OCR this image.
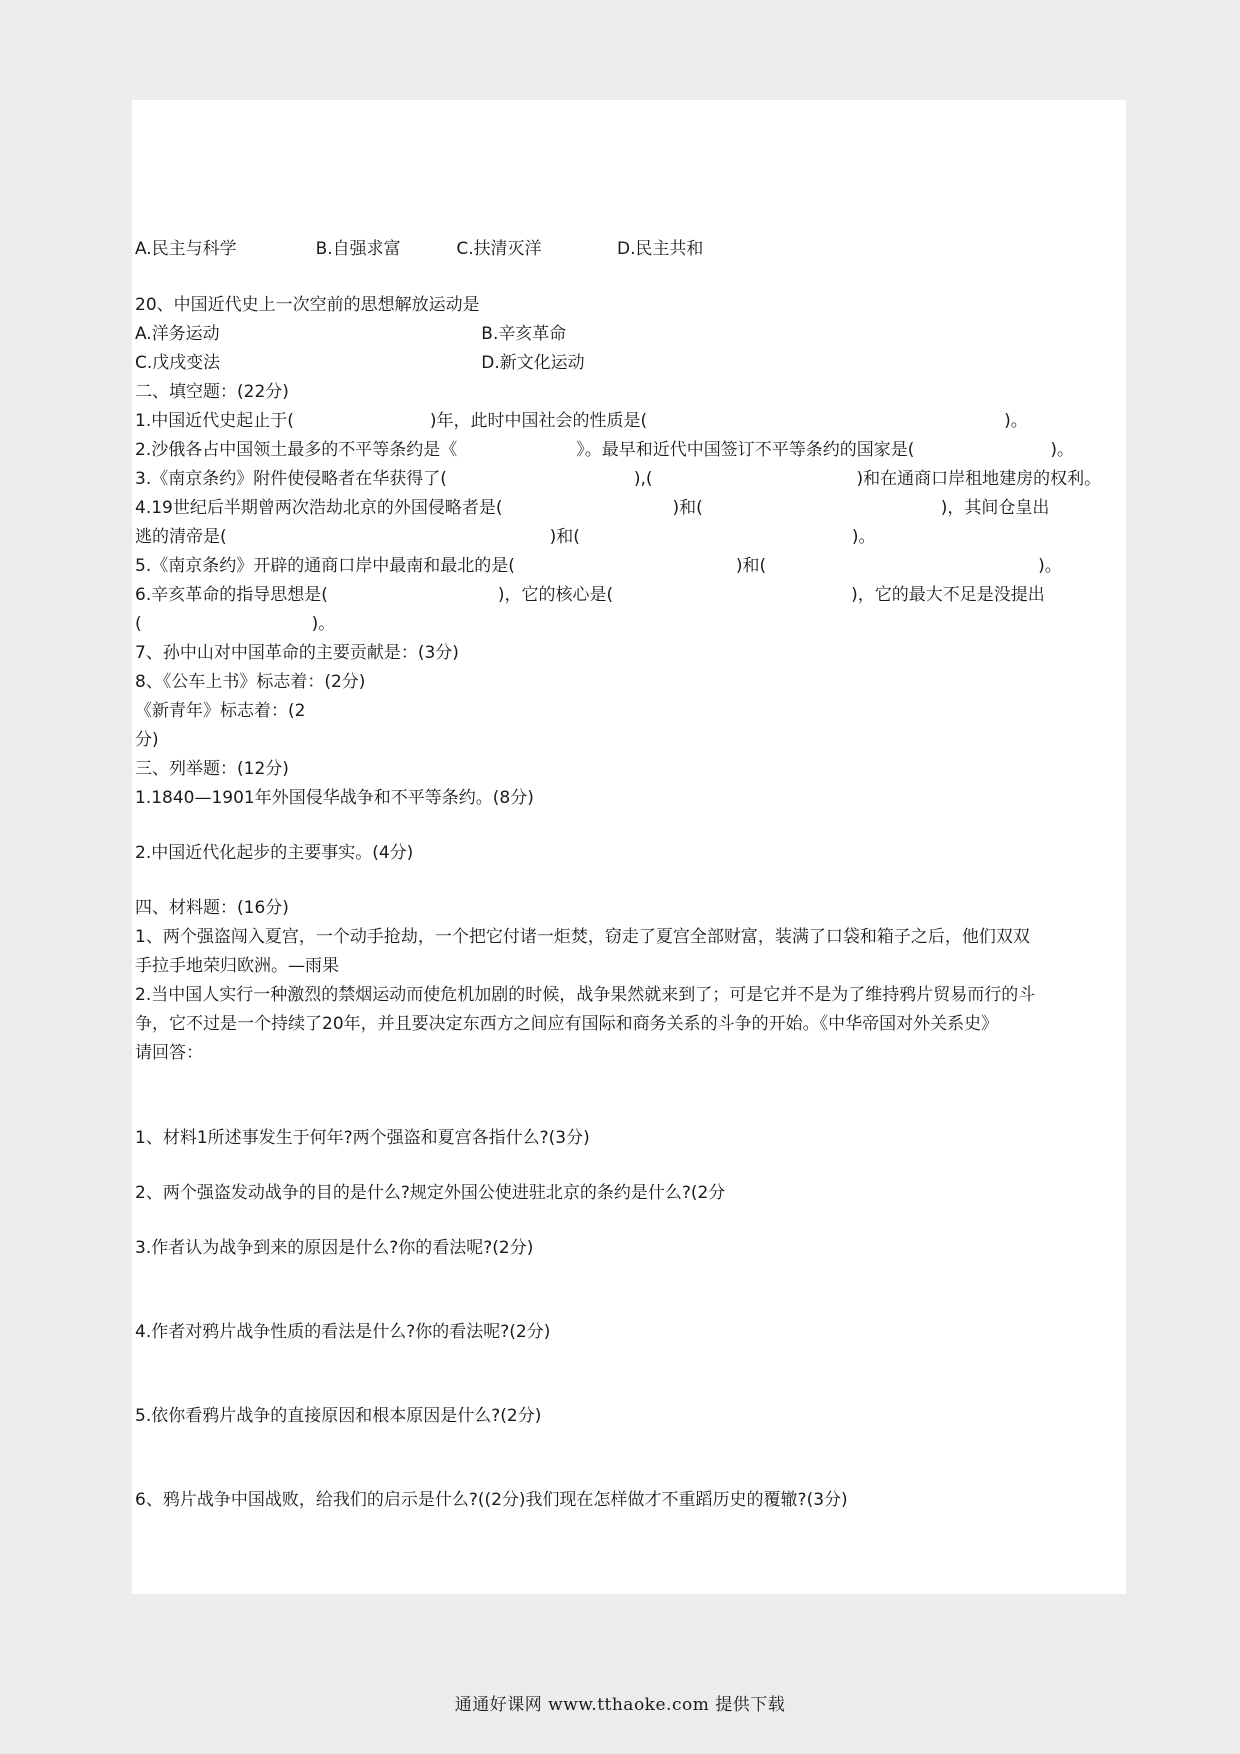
A.民主与科学	B.自强求富	C.扶清灭洋	D.民主共和
20、中国近代史上一次空前的思想解放运动是
A.洋务运动	B.辛亥革命
C.戊戌变法	D.新文化运动
二、填空题：(22分)
1.中国近代史起止于(　　　　　　　　)年，此时中国社会的性质是(　　　　　　　　　　　　　　　　　　　　　)。
2.沙俄各占中国领土最多的不平等条约是《　　　　　　　》。最早和近代中国签订不平等条约的国家是(　　　　　　　　)。
3.《南京条约》附件使侵略者在华获得了(　　　　　　　　　　　),(　　　　　　　　　　　　)和在通商口岸租地建房的权利。
4.19世纪后半期曾两次浩劫北京的外国侵略者是(　　　　　　　　　　)和(　　　　　　　　　　　　　　)，其间仓皇出
逃的清帝是(　　　　　　　　　　　　　　　　　　　)和(　　　　　　　　　　　　　　　　)。
5.《南京条约》开辟的通商口岸中最南和最北的是(　　　　　　　　　　　　　)和(　　　　　　　　　　　　　　　　)。
6.辛亥革命的指导思想是(　　　　　　　　　　)，它的核心是(　　　　　　　　　　　　　　)，它的最大不足是没提出
(　　　　　　　　　　)。
7、孙中山对中国革命的主要贡献是：(3分)
8、《公车上书》标志着：(2分)
《新青年》标志着：(2
分)
三、列举题：(12分)
1.1840—1901年外国侵华战争和不平等条约。(8分)
2.中国近代化起步的主要事实。(4分)
四、材料题：(16分)
1、两个强盗闯入夏宫，一个动手抢劫，一个把它付诸一炬焚，窃走了夏宫全部财富，装满了口袋和箱子之后，他们双双
手拉手地荣归欧洲。—雨果
2.当中国人实行一种激烈的禁烟运动而使危机加剧的时候，战争果然就来到了；可是它并不是为了维持鸦片贸易而行的斗
争，它不过是一个持续了20年，并且要决定东西方之间应有国际和商务关系的斗争的开始。《中华帝国对外关系史》
请回答：
1、材料1所述事发生于何年?两个强盗和夏宫各指什么?(3分)
2、两个强盗发动战争的目的是什么?规定外国公使进驻北京的条约是什么?(2分
3.作者认为战争到来的原因是什么?你的看法呢?(2分)
4.作者对鸦片战争性质的看法是什么?你的看法呢?(2分)
5.依你看鸦片战争的直接原因和根本原因是什么?(2分)
6、鸦片战争中国战败，给我们的启示是什么?((2分)我们现在怎样做才不重蹈历史的覆辙?(3分)
通通好课网 www.tthaoke.com 提供下载
